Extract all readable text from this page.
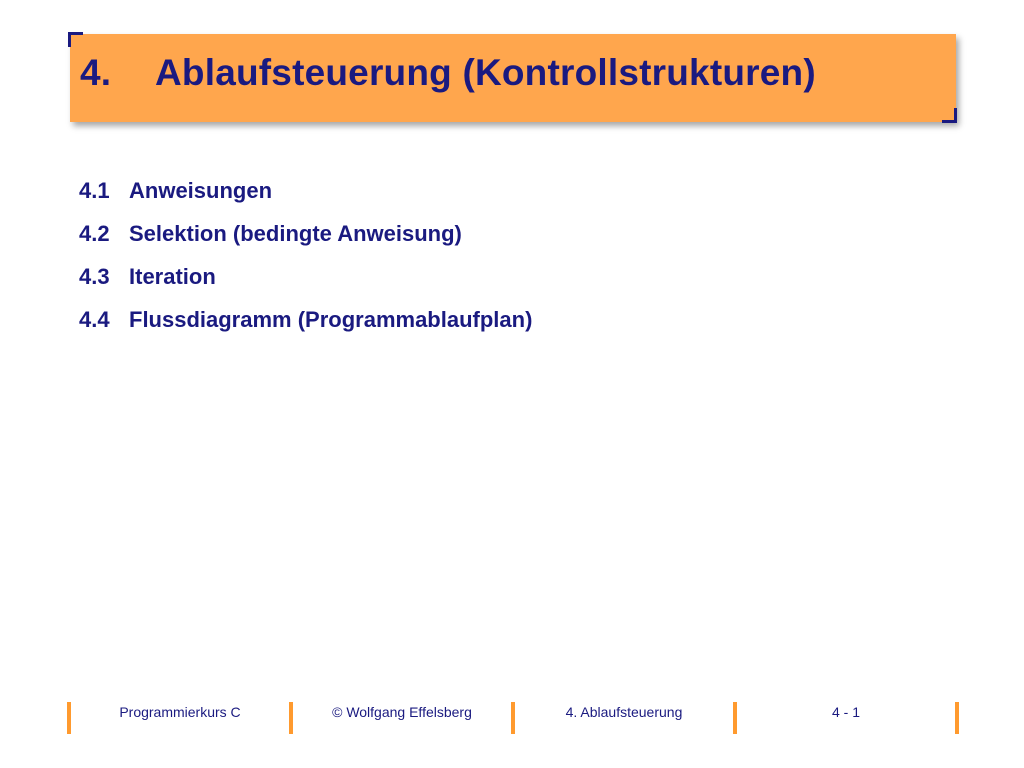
4. Ablaufsteuerung (Kontrollstrukturen)
4.1 Anweisungen
4.2 Selektion (bedingte Anweisung)
4.3 Iteration
4.4 Flussdiagramm (Programmablaufplan)
Programmierkurs C	© Wolfgang Effelsberg	4. Ablaufsteuerung	4 - 1
